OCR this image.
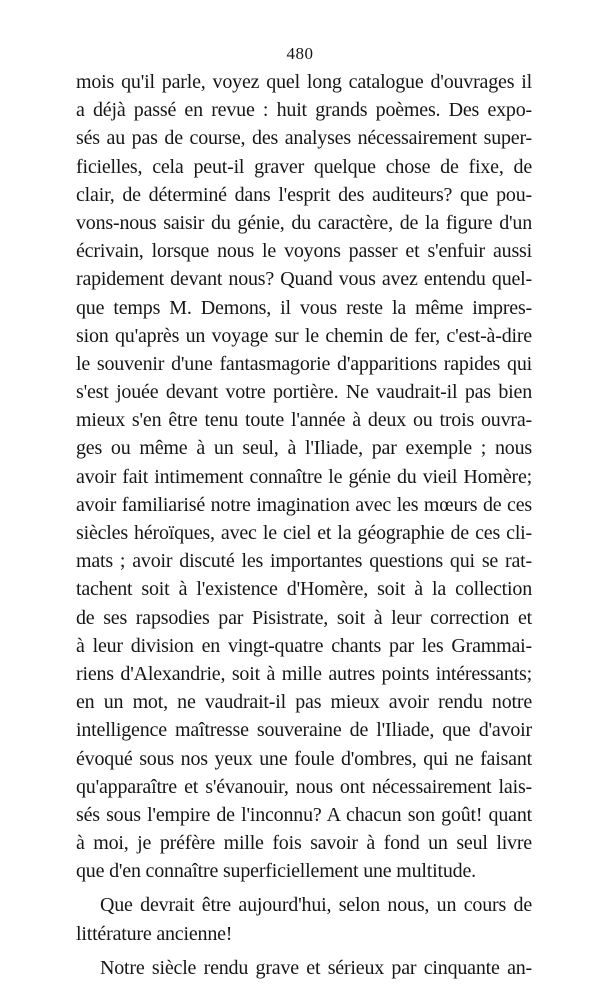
480
mois qu'il parle, voyez quel long catalogue d'ouvrages il
a déjà passé en revue : huit grands poèmes. Des expo-
sés au pas de course, des analyses nécessairement super-
ficielles, cela peut-il graver quelque chose de fixe, de
clair, de déterminé dans l'esprit des auditeurs? que pou-
vons-nous saisir du génie, du caractère, de la figure d'un
écrivain, lorsque nous le voyons passer et s'enfuir aussi
rapidement devant nous? Quand vous avez entendu quel-
que temps M. Demons, il vous reste la même impres-
sion qu'après un voyage sur le chemin de fer, c'est-à-dire
le souvenir d'une fantasmagorie d'apparitions rapides qui
s'est jouée devant votre portière. Ne vaudrait-il pas bien
mieux s'en être tenu toute l'année à deux ou trois ouvra-
ges ou même à un seul, à l'Iliade, par exemple ; nous
avoir fait intimement connaître le génie du vieil Homère;
avoir familiarisé notre imagination avec les mœurs de ces
siècles héroïques, avec le ciel et la géographie de ces cli-
mats ; avoir discuté les importantes questions qui se rat-
tachent soit à l'existence d'Homère, soit à la collection
de ses rapsodies par Pisistrate, soit à leur correction et
à leur division en vingt-quatre chants par les Grammai-
riens d'Alexandrie, soit à mille autres points intéressants;
en un mot, ne vaudrait-il pas mieux avoir rendu notre
intelligence maîtresse souveraine de l'Iliade, que d'avoir
évoqué sous nos yeux une foule d'ombres, qui ne faisant
qu'apparaître et s'évanouir, nous ont nécessairement lais-
sés sous l'empire de l'inconnu? A chacun son goût! quant
à moi, je préfère mille fois savoir à fond un seul livre
que d'en connaître superficiellement une multitude.
Que devrait être aujourd'hui, selon nous, un cours de
littérature ancienne!
Notre siècle rendu grave et sérieux par cinquante an-
